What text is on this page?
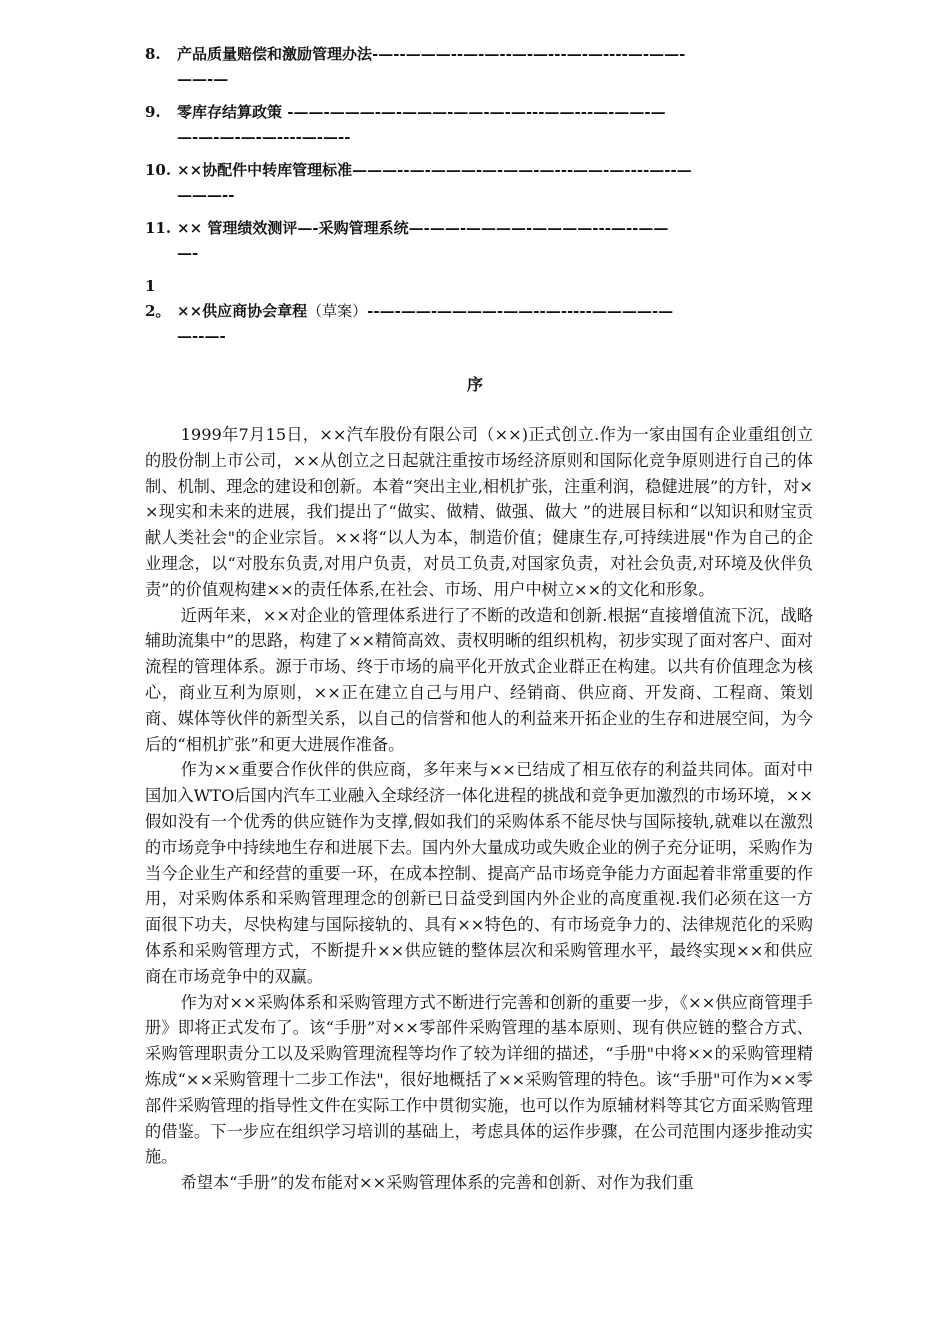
8. 产品质量赔偿和激励管理办法-—--———--—-—--—-—---—-—----—-——-
——-—
9. 零库存结算政策 -——-———-—-———-——-—-—---——---—-——-—
—-—-—-—-—----—-—--
10. ××协配件中转库管理标准———--—-———-—-——-—---——-—----—--—
———--
11. ×× 管理绩效测评—-采购管理系统—-——-————-————---—--——
—-
12。 ××供应商协会章程（草案）--—-——-————-——--—-----————-—
—--—-
序

1999年7月15日，××汽车股份有限公司（××)正式创立.作为一家由国有企业重组创立的股份制上市公司，××从创立之日起就注重按市场经济原则和国际化竞争原则进行自己的体制、机制、理念的建设和创新。本着“突出主业,相机扩张，注重利润，稳健进展”的方针，对××现实和未来的进展，我们提出了“做实、做精、做强、做大 ”的进展目标和“以知识和财宝贡献人类社会"的企业宗旨。××将“以人为本，制造价值；健康生存,可持续进展"作为自己的企业理念，以“对股东负责,对用户负责，对员工负责,对国家负责，对社会负责,对环境及伙伴负责”的价值观构建××的责任体系,在社会、市场、用户中树立××的文化和形象。

近两年来，××对企业的管理体系进行了不断的改造和创新.根据“直接增值流下沉，战略辅助流集中”的思路，构建了××精简高效、责权明晰的组织机构，初步实现了面对客户、面对流程的管理体系。源于市场、终于市场的扁平化开放式企业群正在构建。以共有价值理念为核心，商业互利为原则，××正在建立自己与用户、经销商、供应商、开发商、工程商、策划商、媒体等伙伴的新型关系，以自己的信誉和他人的利益来开拓企业的生存和进展空间，为今后的“相机扩张”和更大进展作准备。

作为××重要合作伙伴的供应商，多年来与××已结成了相互依存的利益共同体。面对中国加入WTO后国内汽车工业融入全球经济一体化进程的挑战和竞争更加激烈的市场环境，××假如没有一个优秀的供应链作为支撑,假如我们的采购体系不能尽快与国际接轨,就难以在激烈的市场竞争中持续地生存和进展下去。国内外大量成功或失败企业的例子充分证明，采购作为当今企业生产和经营的重要一环，在成本控制、提高产品市场竞争能力方面起着非常重要的作用，对采购体系和采购管理理念的创新已日益受到国内外企业的高度重视.我们必须在这一方面很下功夫，尽快构建与国际接轨的、具有××特色的、有市场竞争力的、法律规范化的采购体系和采购管理方式，不断提升××供应链的整体层次和采购管理水平，最终实现××和供应商在市场竞争中的双赢。

作为对××采购体系和采购管理方式不断进行完善和创新的重要一步，《××供应商管理手册》即将正式发布了。该“手册”对××零部件采购管理的基本原则、现有供应链的整合方式、采购管理职责分工以及采购管理流程等均作了较为详细的描述，“手册"中将××的采购管理精炼成“××采购管理十二步工作法"，很好地概括了××采购管理的特色。该“手册"可作为××零部件采购管理的指导性文件在实际工作中贯彻实施，也可以作为原辅材料等其它方面采购管理的借鉴。下一步应在组织学习培训的基础上，考虑具体的运作步骤，在公司范围内逐步推动实施。

希望本“手册”的发布能对××采购管理体系的完善和创新、对作为我们重
